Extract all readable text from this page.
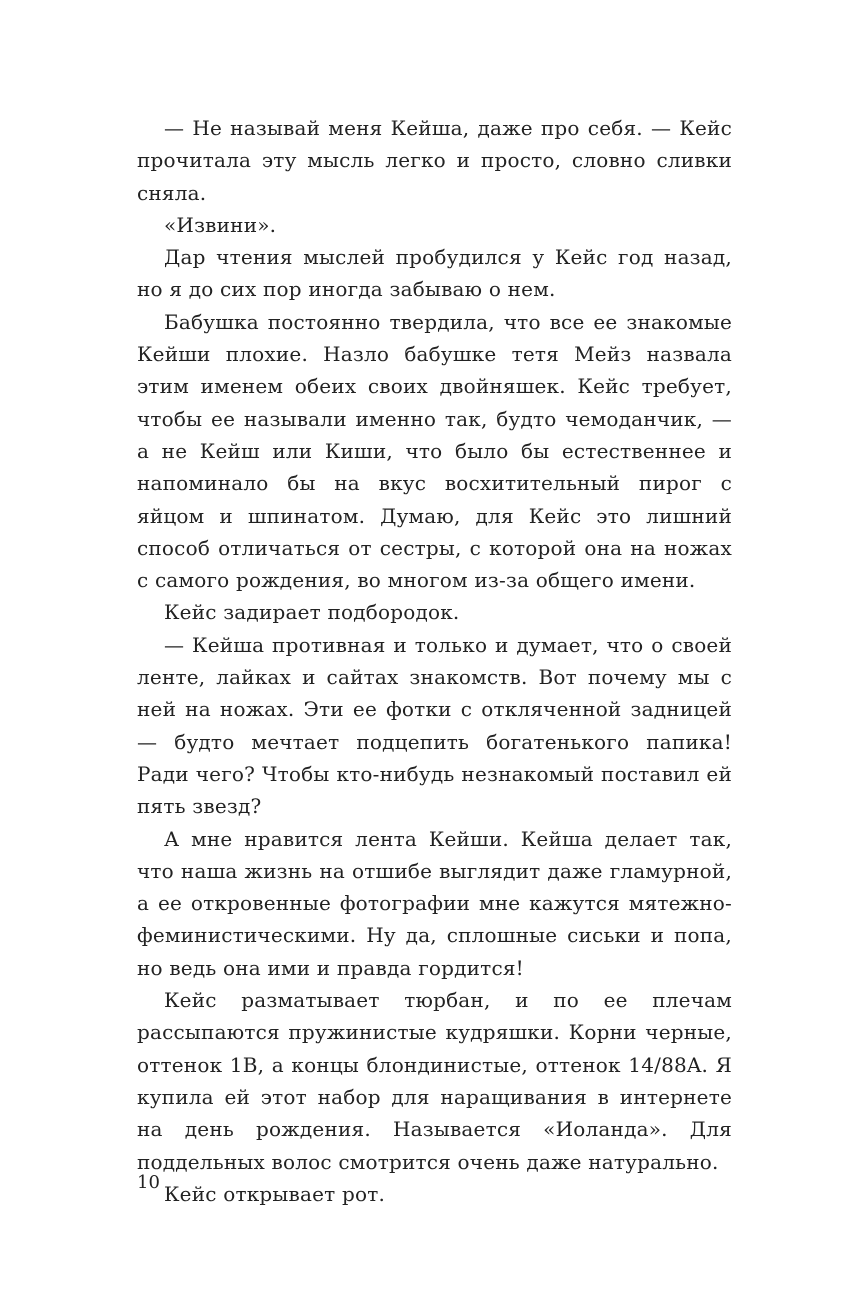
— Не называй меня Кейша, даже про себя. — Кейс прочитала эту мысль легко и просто, словно сливки сняла.

«Извини».

Дар чтения мыслей пробудился у Кейс год назад, но я до сих пор иногда забываю о нем.

Бабушка постоянно твердила, что все ее знакомые Кейши плохие. Назло бабушке тетя Мейз назвала этим именем обеих своих двойняшек. Кейс требует, чтобы ее называли именно так, будто чемоданчик, — а не Кейш или Киши, что было бы естественнее и напоминало бы на вкус восхитительный пирог с яйцом и шпинатом. Думаю, для Кейс это лишний способ отличаться от сестры, с которой она на ножах с самого рождения, во многом из-за общего имени.

Кейс задирает подбородок.

— Кейша противная и только и думает, что о своей ленте, лайках и сайтах знакомств. Вот почему мы с ней на ножах. Эти ее фотки с откляченной задницей — будто мечтает подцепить богатенького папика! Ради чего? Чтобы кто-нибудь незнакомый поставил ей пять звезд?

А мне нравится лента Кейши. Кейша делает так, что наша жизнь на отшибе выглядит даже гламурной, а ее откровенные фотографии мне кажутся мятежно-феминистическими. Ну да, сплошные сиськи и попа, но ведь она ими и правда гордится!

Кейс разматывает тюрбан, и по ее плечам рассыпаются пружинистые кудряшки. Корни черные, оттенок 1B, а концы блондинистые, оттенок 14/88A. Я купила ей этот набор для наращивания в интернете на день рождения. Называется «Иоланда». Для поддельных волос смотрится очень даже натурально.

Кейс открывает рот.

10
